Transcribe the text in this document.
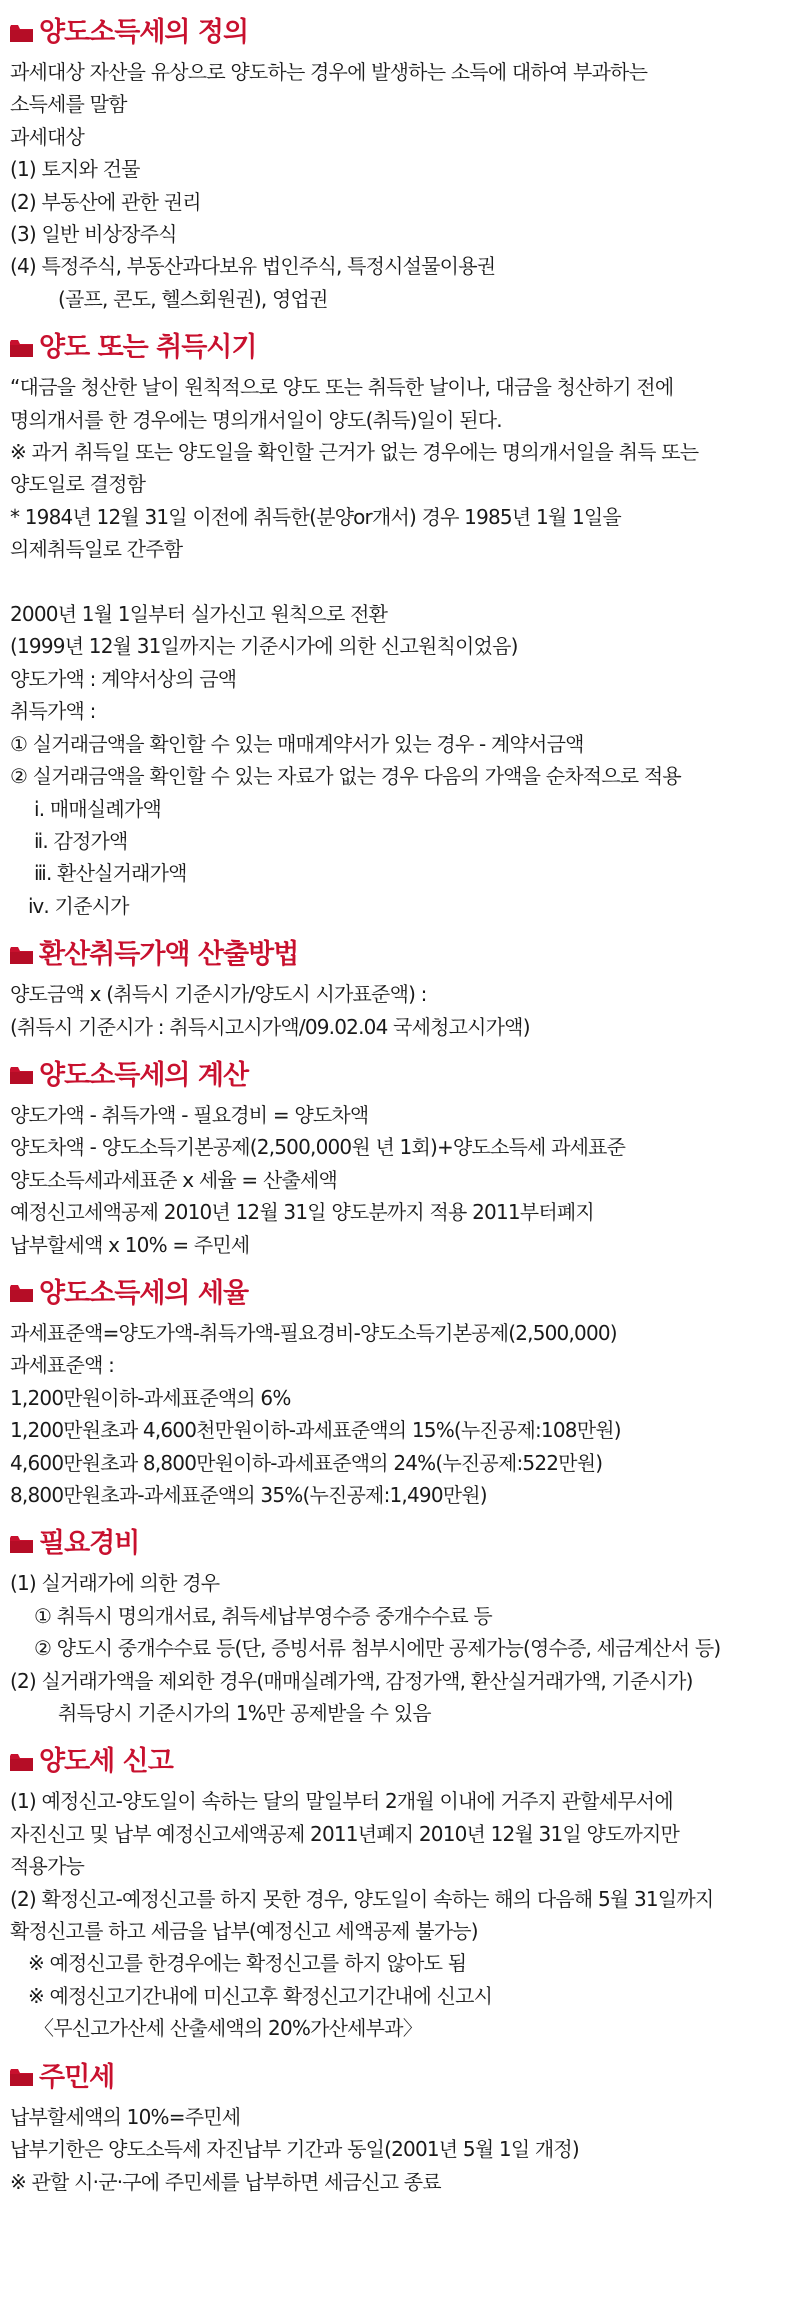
양도소득세의 정의
과세대상 자산을 유상으로 양도하는 경우에 발생하는 소득에 대하여 부과하는
소득세를 말함
과세대상
(1) 토지와 건물
(2) 부동산에 관한 권리
(3) 일반 비상장주식
(4) 특정주식, 부동산과다보유 법인주식, 특정시설물이용권
(골프, 콘도, 헬스회원권), 영업권
양도 또는 취득시기
“대금을 청산한 날이 원칙적으로 양도 또는 취득한 날이나, 대금을 청산하기 전에
명의개서를 한 경우에는 명의개서일이 양도(취득)일이 된다.
※ 과거 취득일 또는 양도일을 확인할 근거가 없는 경우에는 명의개서일을 취득 또는
양도일로 결정함
* 1984년 12월 31일 이전에 취득한(분양or개서) 경우 1985년 1월 1일을
의제취득일로 간주함
2000년 1월 1일부터 실가신고 원칙으로 전환
(1999년 12월 31일까지는 기준시가에 의한 신고원칙이었음)
양도가액 : 계약서상의 금액
취득가액 :
① 실거래금액을 확인할 수 있는 매매계약서가 있는 경우 - 계약서금액
② 실거래금액을 확인할 수 있는 자료가 없는 경우 다음의 가액을 순차적으로 적용
ⅰ. 매매실례가액
ⅱ. 감정가액
ⅲ. 환산실거래가액
ⅳ. 기준시가
환산취득가액 산출방법
양도금액 x (취득시 기준시가/양도시 시가표준액) :
(취득시 기준시가 : 취득시고시가액/09.02.04 국세청고시가액)
양도소득세의 계산
양도가액 - 취득가액 - 필요경비 = 양도차액
양도차액 - 양도소득기본공제(2,500,000원 년 1회)+양도소득세 과세표준
양도소득세과세표준 x 세율 = 산출세액
예정신고세액공제 2010년 12월 31일 양도분까지 적용 2011부터폐지
납부할세액 x 10% = 주민세
양도소득세의 세율
과세표준액=양도가액-취득가액-필요경비-양도소득기본공제(2,500,000)
과세표준액 :
1,200만원이하-과세표준액의 6%
1,200만원초과 4,600천만원이하-과세표준액의 15%(누진공제:108만원)
4,600만원초과 8,800만원이하-과세표준액의 24%(누진공제:522만원)
8,800만원초과-과세표준액의 35%(누진공제:1,490만원)
필요경비
(1) 실거래가에 의한 경우
① 취득시 명의개서료, 취득세납부영수증 중개수수료 등
② 양도시 중개수수료 등(단, 증빙서류 첨부시에만 공제가능(영수증, 세금계산서 등)
(2) 실거래가액을 제외한 경우(매매실례가액, 감정가액, 환산실거래가액, 기준시가)
취득당시 기준시가의 1%만 공제받을 수 있음
양도세 신고
(1) 예정신고-양도일이 속하는 달의 말일부터 2개월 이내에 거주지 관할세무서에
자진신고 및 납부 예정신고세액공제 2011년폐지 2010년 12월 31일 양도까지만
적용가능
(2) 확정신고-예정신고를 하지 못한 경우, 양도일이 속하는 해의 다음해 5월 31일까지
확정신고를 하고 세금을 납부(예정신고 세액공제 불가능)
※ 예정신고를 한경우에는 확정신고를 하지 않아도 됨
※ 예정신고기간내에 미신고후 확정신고기간내에 신고시
〈무신고가산세 산출세액의 20%가산세부과〉
주민세
납부할세액의 10%=주민세
납부기한은 양도소득세 자진납부 기간과 동일(2001년 5월 1일 개정)
※ 관할 시·군·구에 주민세를 납부하면 세금신고 종료
